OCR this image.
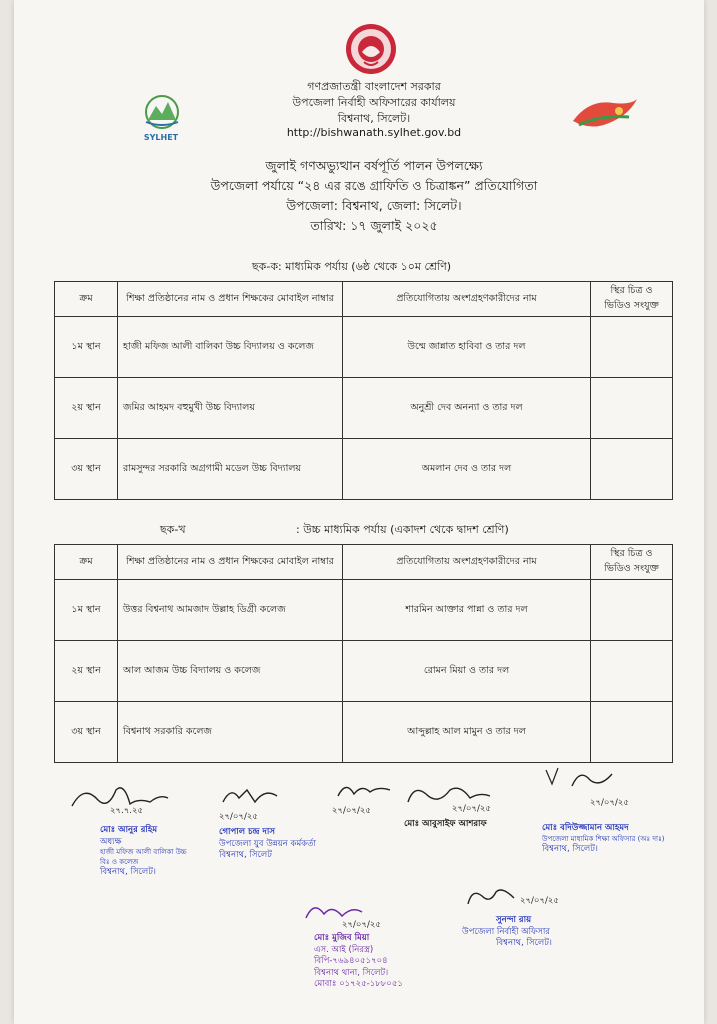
SYLHET
গণপ্রজাতন্ত্রী বাংলাদেশ সরকার
উপজেলা নির্বাহী অফিসারের কার্যালয়
বিশ্বনাথ, সিলেট।
http://bishwanath.sylhet.gov.bd
জুলাই গণঅভ্যুত্থান বর্ষপূর্তি পালন উপলক্ষ্যে
উপজেলা পর্যায়ে “২৪ এর রঙে গ্রাফিতি ও চিত্রাঙ্কন” প্রতিযোগিতা
উপজেলা: বিশ্বনাথ, জেলা: সিলেট।
তারিখ: ১৭ জুলাই ২০২৫
ছক-ক: মাধ্যমিক পর্যায় (৬ষ্ঠ থেকে ১০ম শ্রেণি)
ক্রম	শিক্ষা প্রতিষ্ঠানের নাম ও প্রধান শিক্ষকের মোবাইল নাম্বার	প্রতিযোগিতায় অংশগ্রহণকারীদের নাম	স্থির চিত্র ও ভিডিও সংযুক্ত
১ম স্থান	হাজী মফিজ আলী বালিকা উচ্চ বিদ্যালয় ও কলেজ	উম্মে জান্নাত হাবিবা ও তার দল	
২য় স্থান	জমির আহমদ বহুমুখী উচ্চ বিদ্যালয়	অনুশ্রী দেব অনন্যা ও তার দল	
৩য় স্থান	রামসুন্দর সরকারি অগ্রগামী মডেল উচ্চ বিদ্যালয়	অমলান দেব ও তার দল	
ছক-খ	: উচ্চ মাধ্যমিক পর্যায় (একাদশ থেকে দ্বাদশ শ্রেণি)
ক্রম	শিক্ষা প্রতিষ্ঠানের নাম ও প্রধান শিক্ষকের মোবাইল নাম্বার	প্রতিযোগিতায় অংশগ্রহণকারীদের নাম	স্থির চিত্র ও ভিডিও সংযুক্ত
১ম স্থান	উত্তর বিশ্বনাথ আমজাদ উল্লাহ ডিগ্রী কলেজ	শারমিন আক্তার পান্না ও তার দল	
২য় স্থান	আল আজম উচ্চ বিদ্যালয় ও কলেজ	রোমন মিয়া ও তার দল	
৩য় স্থান	বিশ্বনাথ সরকারি কলেজ	আব্দুল্লাহ আল মামুন ও তার দল	
২৭.৭.২৫
মোঃ আনুর রহিম
অধ্যক্ষ
হাজী মফিজ আলী বালিকা উচ্চ বিঃ ও কলেজ
বিশ্বনাথ, সিলেট।
২৭/০৭/২৫
গোপাল চন্দ্র দাস
উপজেলা যুব উন্নয়ন কর্মকর্তা
বিশ্বনাথ, সিলেট
২৭/০৭/২৫	২৭/০৭/২৫
মোঃ আবুসাইফ আশরাফ
২৭/০৭/২৫
মোঃ বদিউজ্জামান আহমদ
উপজেলা মাধ্যমিক শিক্ষা অফিসার (অঃ দাঃ)
বিশ্বনাথ, সিলেট।
২৭/০৭/২৫
মোঃ মুজিব মিয়া
এস. আই (নিরস্ত্র)
বিপি-৭৬৯৪০৫১৭০৪
বিশ্বনাথ থানা, সিলেট।
মোবাঃ ০১৭২৫-১৮৮০৫১
২৭/০৭/২৫
সুনন্দা রায়
উপজেলা নির্বাহী অফিসার
বিশ্বনাথ, সিলেট।
